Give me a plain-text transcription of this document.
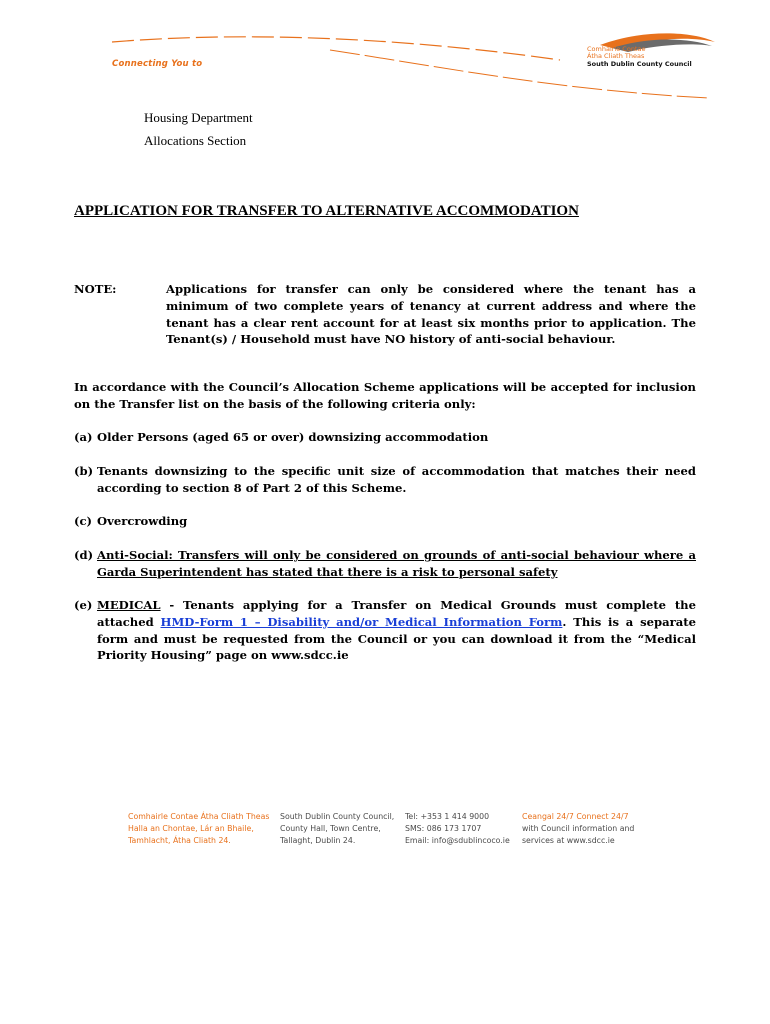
Connecting You to
Comhairle Contae
Átha Cliath Theas
South Dublin County Council
Housing Department
Allocations Section
APPLICATION FOR TRANSFER TO ALTERNATIVE ACCOMMODATION
NOTE:	Applications for transfer can only be considered where the tenant has a minimum of two complete years of tenancy at current address and where the tenant has a clear rent account for at least six months prior to application. The Tenant(s) / Household must have NO history of anti-social behaviour.
In accordance with the Council’s Allocation Scheme applications will be accepted for inclusion on the Transfer list on the basis of the following criteria only:
(a) Older Persons (aged 65 or over) downsizing accommodation
(b) Tenants downsizing to the specific unit size of accommodation that matches their need according to section 8 of Part 2 of this Scheme.
(c) Overcrowding
(d) Anti-Social: Transfers will only be considered on grounds of anti-social behaviour where a Garda Superintendent has stated that there is a risk to personal safety
(e) MEDICAL - Tenants applying for a Transfer on Medical Grounds must complete the attached HMD-Form 1 – Disability and/or Medical Information Form. This is a separate form and must be requested from the Council or you can download it from the “Medical Priority Housing” page on www.sdcc.ie
Comhairle Contae Átha Cliath Theas
Halla an Chontae, Lár an Bhaile,
Tamhlacht, Átha Cliath 24.
South Dublin County Council,
County Hall, Town Centre,
Tallaght, Dublin 24.
Tel: +353 1 414 9000
SMS: 086 173 1707
Email: info@sdublincoco.ie
Ceangal 24/7 Connect 24/7
with Council information and
services at www.sdcc.ie
